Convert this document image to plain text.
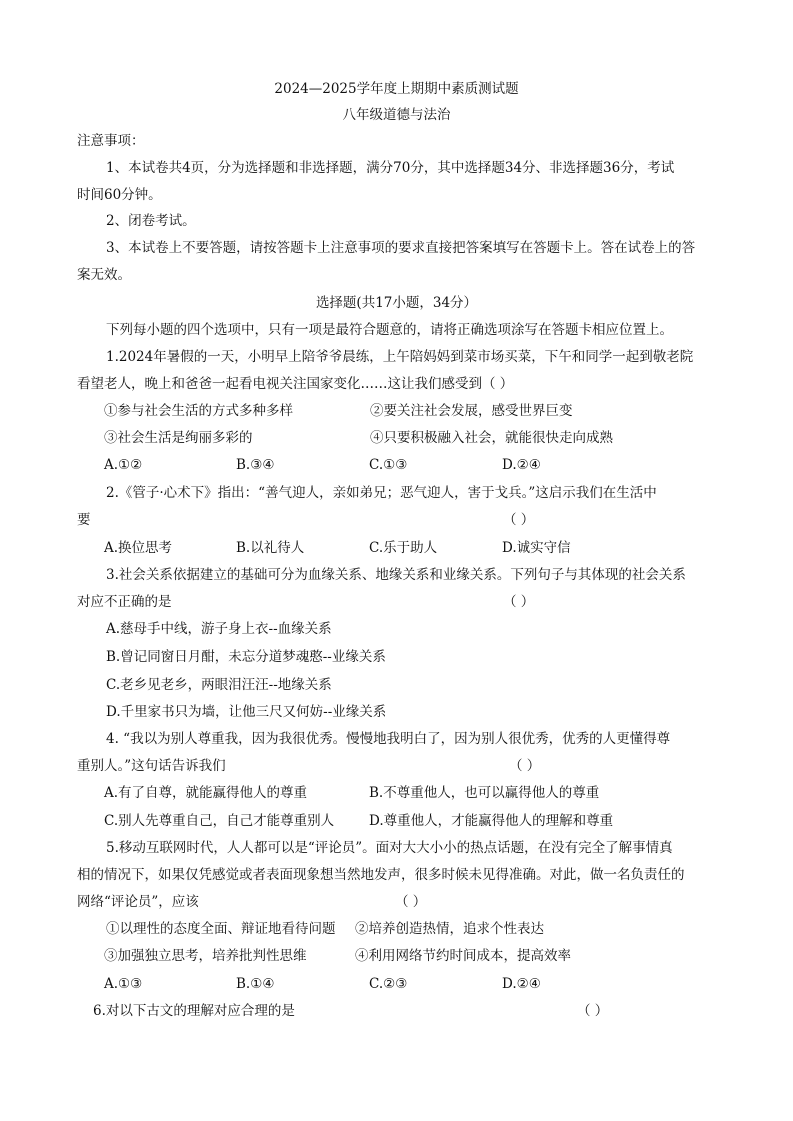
2024—2025学年度上期期中素质测试题
八年级道德与法治
注意事项：
1、本试卷共4页，分为选择题和非选择题，满分70分，其中选择题34分、非选择题36分，考试
时间60分钟。
2、闭卷考试。
3、本试卷上不要答题，请按答题卡上注意事项的要求直接把答案填写在答题卡上。答在试卷上的答
案无效。
选择题(共17小题，34分）
下列每小题的四个选项中，只有一项是最符合题意的，请将正确选项涂写在答题卡相应位置上。
1.2024年暑假的一天，小明早上陪爷爷晨练，上午陪妈妈到菜市场买菜，下午和同学一起到敬老院
看望老人，晚上和爸爸一起看电视关注国家变化……这让我们感受到（ ）
①参与社会生活的方式多种多样	②要关注社会发展，感受世界巨变
③社会生活是绚丽多彩的	④只要积极融入社会，就能很快走向成熟
A.①②	B.③④	C.①③	D.②④
2.《管子·心术下》指出：“善气迎人，亲如弟兄；恶气迎人，害于戈兵。”这启示我们在生活中
要	（ ）
A.换位思考	B.以礼待人	C.乐于助人	D.诚实守信
3.社会关系依据建立的基础可分为血缘关系、地缘关系和业缘关系。下列句子与其体现的社会关系
对应不正确的是	（ ）
A.慈母手中线，游子身上衣--血缘关系
B.曾记同窗日月酣，未忘分道梦魂憨--业缘关系
C.老乡见老乡，两眼泪汪汪--地缘关系
D.千里家书只为墙，让他三尺又何妨--业缘关系
4. “我以为别人尊重我，因为我很优秀。慢慢地我明白了，因为别人很优秀，优秀的人更懂得尊
重别人。”这句话告诉我们	（ ）
A.有了自尊，就能赢得他人的尊重	B.不尊重他人，也可以赢得他人的尊重
C.别人先尊重自己，自己才能尊重别人	D.尊重他人，才能赢得他人的理解和尊重
5.移动互联网时代，人人都可以是“评论员”。面对大大小小的热点话题，在没有完全了解事情真
相的情况下，如果仅凭感觉或者表面现象想当然地发声，很多时候未见得准确。对此，做一名负责任的
网络“评论员”，应该	（ ）
①以理性的态度全面、辩证地看待问题 ②培养创造热情，追求个性表达
③加强独立思考，培养批判性思维	④利用网络节约时间成本，提高效率
A.①③	B.①④	C.②③	D.②④
6.对以下古文的理解对应合理的是	（ ）
